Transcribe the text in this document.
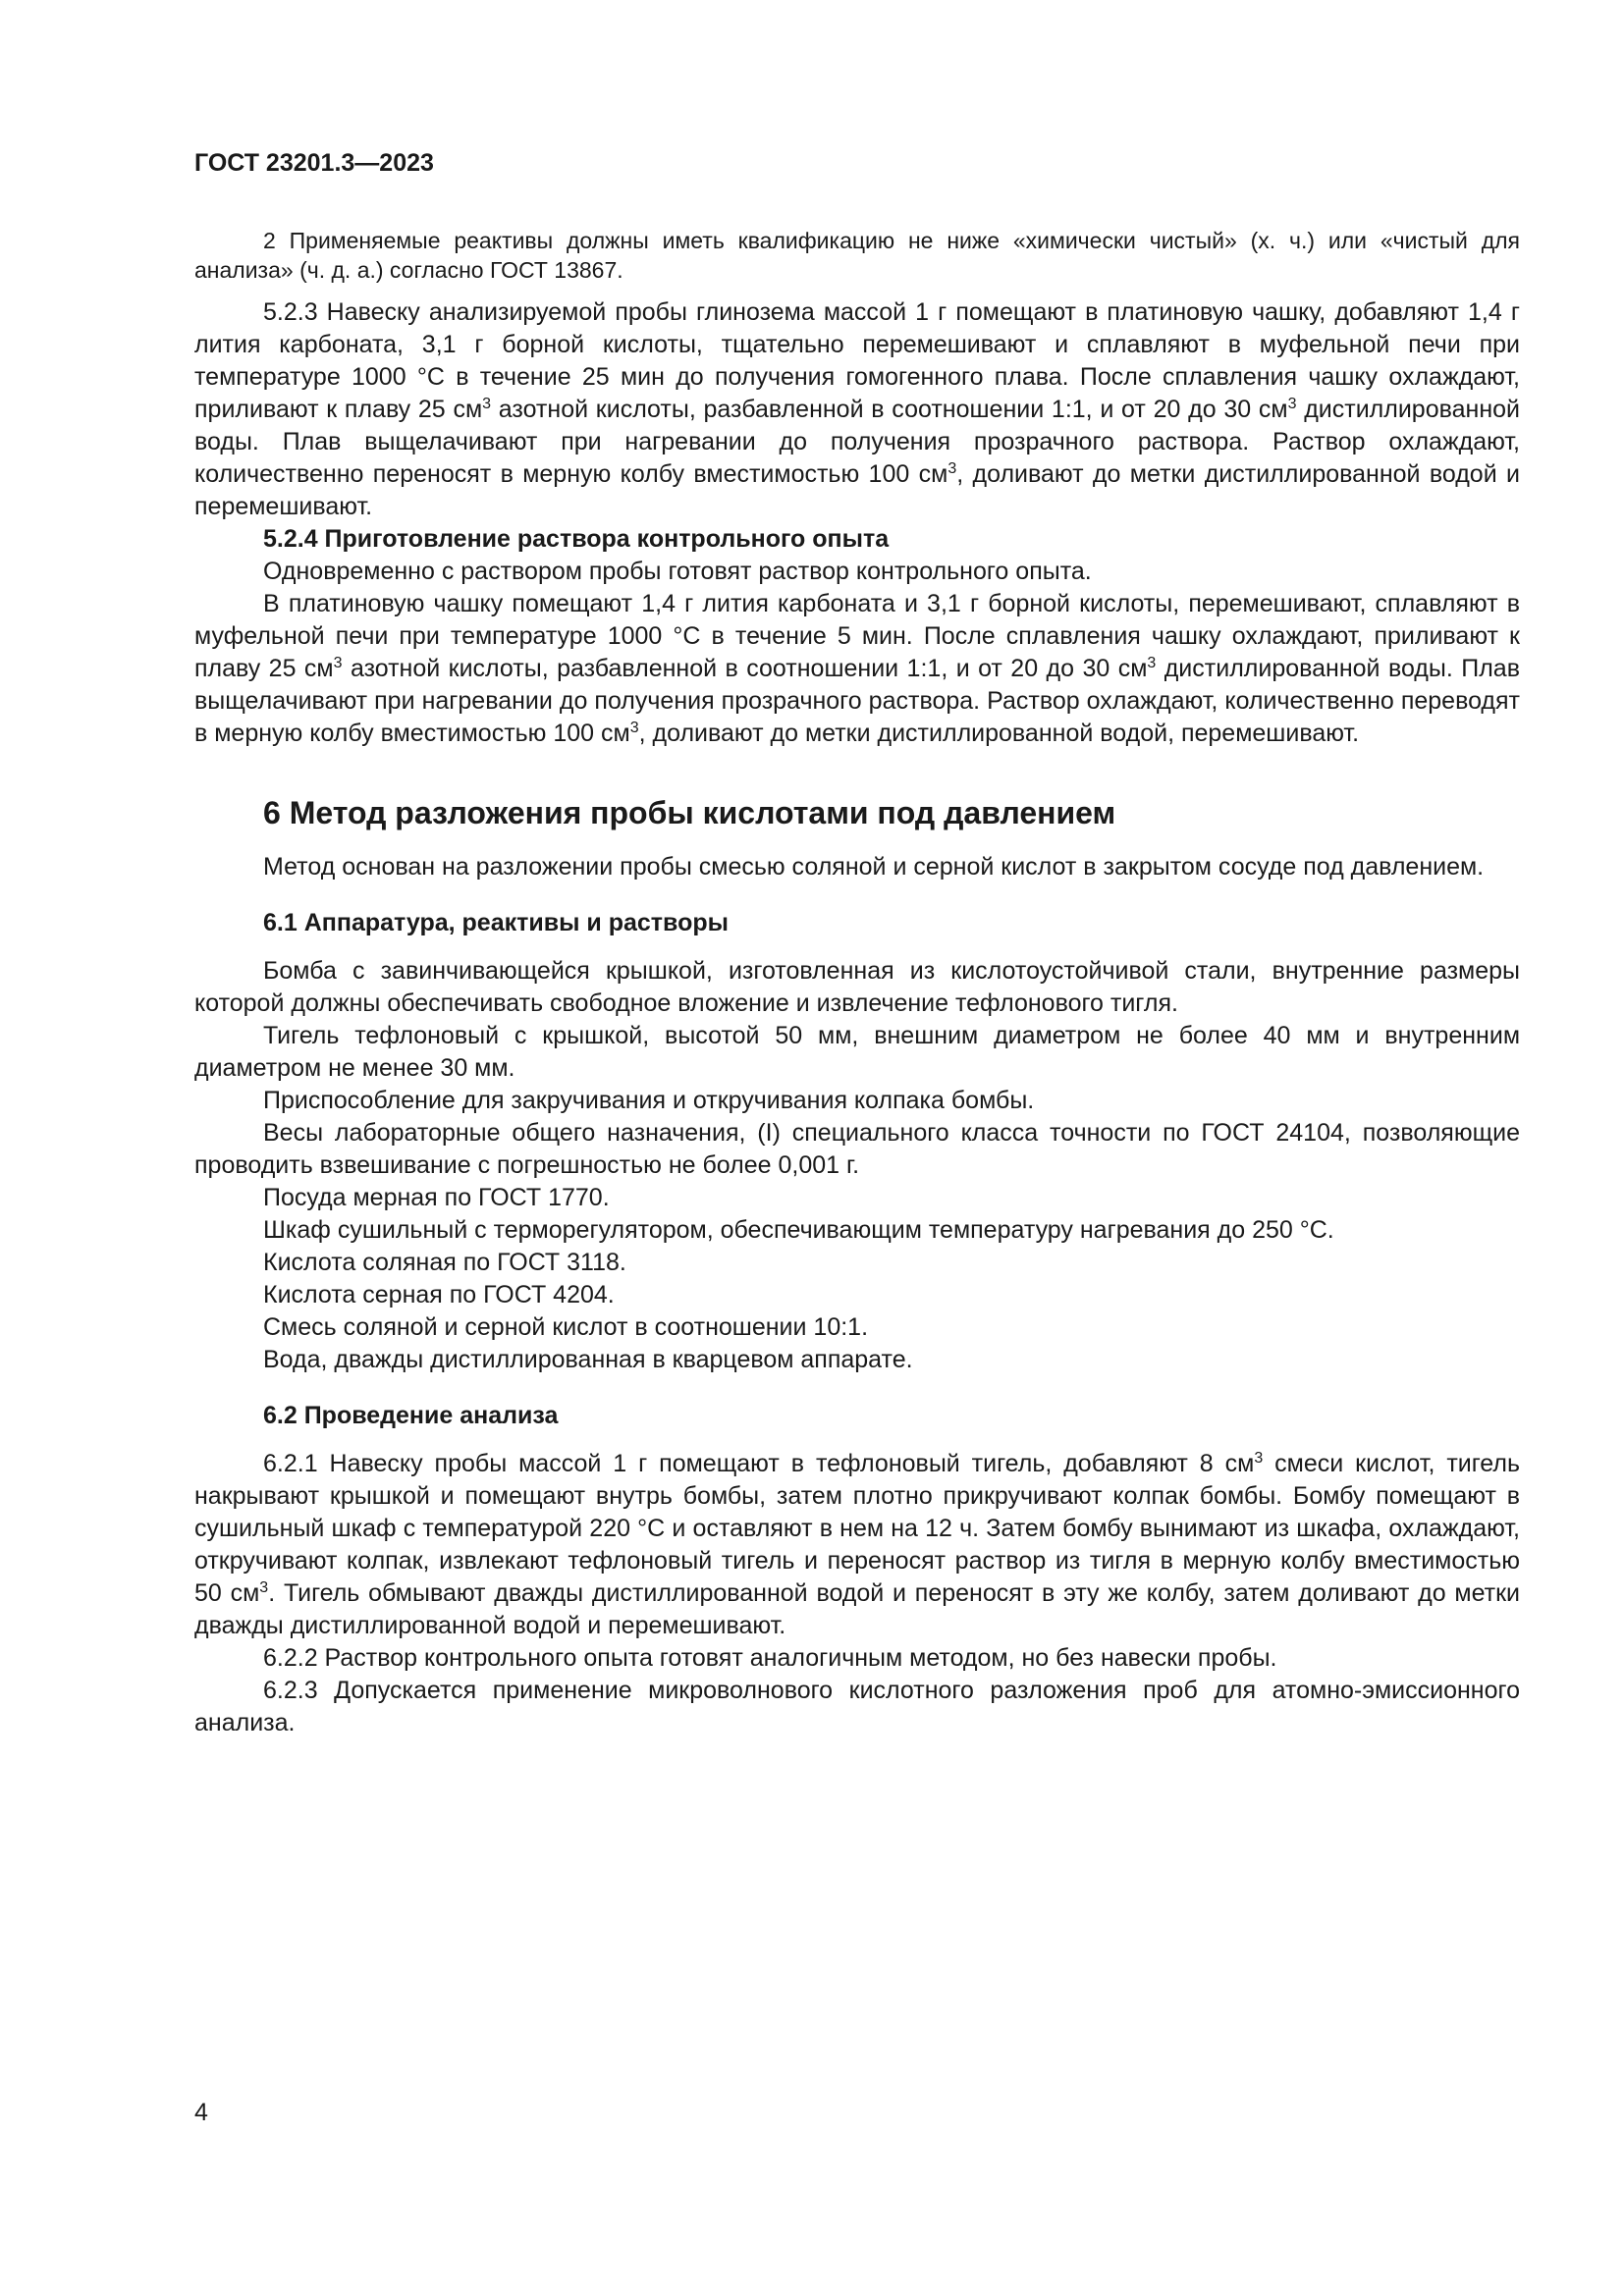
ГОСТ 23201.3—2023

2 Применяемые реактивы должны иметь квалификацию не ниже «химически чистый» (х. ч.) или «чистый для анализа» (ч. д. а.) согласно ГОСТ 13867.

5.2.3 Навеску анализируемой пробы глинозема массой 1 г помещают в платиновую чашку, добавляют 1,4 г лития карбоната, 3,1 г борной кислоты, тщательно перемешивают и сплавляют в муфельной печи при температуре 1000 °С в течение 25 мин до получения гомогенного плава. После сплавления чашку охлаждают, приливают к плаву 25 $см^3$ азотной кислоты, разбавленной в соотношении 1:1, и от 20 до 30 $см^3$ дистиллированной воды. Плав выщелачивают при нагревании до получения прозрачного раствора. Раствор охлаждают, количественно переносят в мерную колбу вместимостью 100 $см^3$, доливают до метки дистиллированной водой и перемешивают.

5.2.4 Приготовление раствора контрольного опыта

Одновременно с раствором пробы готовят раствор контрольного опыта.

В платиновую чашку помещают 1,4 г лития карбоната и 3,1 г борной кислоты, перемешивают, сплавляют в муфельной печи при температуре 1000 °С в течение 5 мин. После сплавления чашку охлаждают, приливают к плаву 25 $см^3$ азотной кислоты, разбавленной в соотношении 1:1, и от 20 до 30 $см^3$ дистиллированной воды. Плав выщелачивают при нагревании до получения прозрачного раствора. Раствор охлаждают, количественно переводят в мерную колбу вместимостью 100 $см^3$, доливают до метки дистиллированной водой, перемешивают.

6 Метод разложения пробы кислотами под давлением

Метод основан на разложении пробы смесью соляной и серной кислот в закрытом сосуде под давлением.

6.1 Аппаратура, реактивы и растворы

Бомба с завинчивающейся крышкой, изготовленная из кислотоустойчивой стали, внутренние размеры которой должны обеспечивать свободное вложение и извлечение тефлонового тигля.

Тигель тефлоновый с крышкой, высотой 50 мм, внешним диаметром не более 40 мм и внутренним диаметром не менее 30 мм.

Приспособление для закручивания и откручивания колпака бомбы.

Весы лабораторные общего назначения, (I) специального класса точности по ГОСТ 24104, позволяющие проводить взвешивание с погрешностью не более 0,001 г.

Посуда мерная по ГОСТ 1770.

Шкаф сушильный с терморегулятором, обеспечивающим температуру нагревания до 250 °С.

Кислота соляная по ГОСТ 3118.

Кислота серная по ГОСТ 4204.

Смесь соляной и серной кислот в соотношении 10:1.

Вода, дважды дистиллированная в кварцевом аппарате.

6.2 Проведение анализа

6.2.1 Навеску пробы массой 1 г помещают в тефлоновый тигель, добавляют 8 $см^3$ смеси кислот, тигель накрывают крышкой и помещают внутрь бомбы, затем плотно прикручивают колпак бомбы. Бомбу помещают в сушильный шкаф с температурой 220 °С и оставляют в нем на 12 ч. Затем бомбу вынимают из шкафа, охлаждают, откручивают колпак, извлекают тефлоновый тигель и переносят раствор из тигля в мерную колбу вместимостью 50 $см^3$. Тигель обмывают дважды дистиллированной водой и переносят в эту же колбу, затем доливают до метки дважды дистиллированной водой и перемешивают.

6.2.2 Раствор контрольного опыта готовят аналогичным методом, но без навески пробы.

6.2.3 Допускается применение микроволнового кислотного разложения проб для атомно-эмиссионного анализа.

4
